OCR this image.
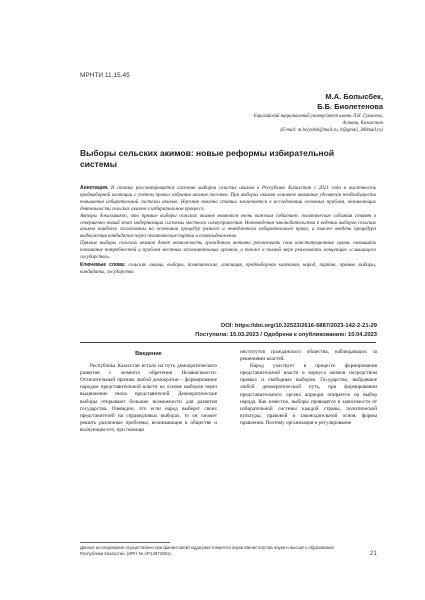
МРНТИ 11.15.45
М.А. Болысбек,
Б.Б. Биолетенова
Евразийский национальный университет имени Л.Н. Гумилева,
Астана, Казахстан
(E-mail: m.bolysbek@mail.ru, b@gmail_360mail.ru)
Выборы сельских акимов: новые реформы избирательной системы

Аннотация. В статье рассматривается система выборов сельских акимов в Республике Казахстан с 2021 года и численность предвыборной агитации с учетом правил избрания акимов поселков. При выборах акимов основное внимание уделяется необходимости повышения избирательной системы акимов. Научная новизна статьи заключается в исследовании основных проблем, возникающих деятельности сельских акимов в избирательном процессе.

Авторы доказывают, что прямые выборы сельских акимов являются очень важным событием, политические события ставят в совершенно новый этап модернизации системы местного самоуправления. Нововведения законодательства в ведении выборов сельских акимов наиболее согласованы на основании процедур разного и немедленного избирательного права, а также введена процедура выдвижения кандидатов через политические партии и самовыдвижение.

Прямые выборы сельских акимов дают возможность гражданам активно реализовать свои конституционные права, повышать понимание потребностей и проблем местных исполнительных органов, а также в полной мере реализовать концепцию «слышащего государства».

Ключевые слова: сельские акимы, выборы, политические, агитация, предвыборная кампания, народ, партия, прямые выборы, кандидаты, государство.

DOI: https://doi.org/10.32523/2616-6887/2023-142-2-21-29
Поступила: 15.03.2023 / Одобрена к опубликованию: 10.04.2023
Введение

Республика Казахстан встала на путь демократического развития с момента обретения Независимости. Отличительный признак любой демократии – формирование народом представительной власти на основе выборов через выдвижение своих представителей. Демократические выборы открывают большие возможности для развития государства. Очевидно, что если народ выберет своих представителей на справедливых выборах, то он сможет решить различные проблемы, возникающие в обществе и волнующие его, при помощи

институтов гражданского общества, наблюдающих за решениями властей.

Народ участвует в процессе формирования представительной власти и корпуса акимов посредством прямых и свободных выборов. Государство, выбравшее любой демократический путь, при формировании представительного органа априори опирается на выбор народа. Как известно, выборы проводятся в зависимости от избирательной системы каждой страны, политической культуры, правовой и законодательной основ, формы правления. Поэтому организация и регулирование

Данное исследование осуществлено при финансовой поддержке Комитета науки Министерства науки и высшего образования Республики Казахстан. (ИРН № AP14972891)	21
